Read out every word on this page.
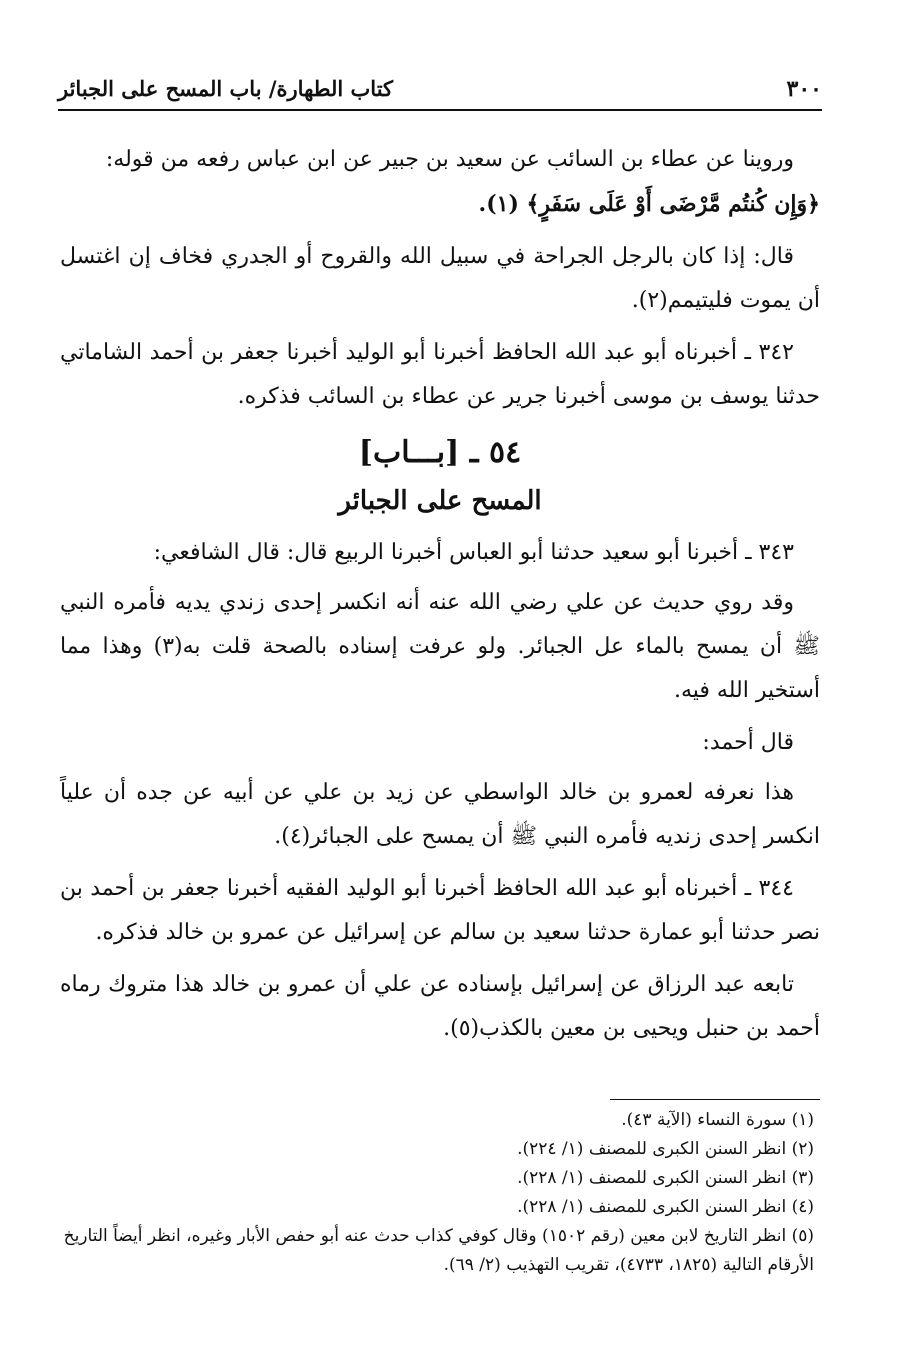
٣٠٠
كتاب الطهارة/ باب المسح على الجبائر

وروينا عن عطاء بن السائب عن سعيد بن جبير عن ابن عباس رفعه من قوله:
﴿وَإِن كُنتُم مَّرْضَى أَوْ عَلَى سَفَرٍ﴾ (١).

قال: إذا كان بالرجل الجراحة في سبيل الله والقروح أو الجدري فخاف إن اغتسل أن يموت فليتيمم(٢).

٣٤٢ ـ أخبرناه أبو عبد الله الحافظ أخبرنا أبو الوليد أخبرنا جعفر بن أحمد الشاماتي حدثنا يوسف بن موسى أخبرنا جرير عن عطاء بن السائب فذكره.

٥٤ ـ [بـــاب]
المسح على الجبائر

٣٤٣ ـ أخبرنا أبو سعيد حدثنا أبو العباس أخبرنا الربيع قال: قال الشافعي:

وقد روي حديث عن علي رضي الله عنه أنه انكسر إحدى زندي يديه فأمره النبي ﷺ أن يمسح بالماء عل الجبائر. ولو عرفت إسناده بالصحة قلت به(٣) وهذا مما أستخير الله فيه.

قال أحمد:

هذا نعرفه لعمرو بن خالد الواسطي عن زيد بن علي عن أبيه عن جده أن علياً انكسر إحدى زنديه فأمره النبي ﷺ أن يمسح على الجبائر(٤).

٣٤٤ ـ أخبرناه أبو عبد الله الحافظ أخبرنا أبو الوليد الفقيه أخبرنا جعفر بن أحمد بن نصر حدثنا أبو عمارة حدثنا سعيد بن سالم عن إسرائيل عن عمرو بن خالد فذكره.

تابعه عبد الرزاق عن إسرائيل بإسناده عن علي أن عمرو بن خالد هذا متروك رماه أحمد بن حنبل ويحيى بن معين بالكذب(٥).

(١) سورة النساء (الآية ٤٣).

(٢) انظر السنن الكبرى للمصنف (١/ ٢٢٤).

(٣) انظر السنن الكبرى للمصنف (١/ ٢٢٨).

(٤) انظر السنن الكبرى للمصنف (١/ ٢٢٨).

(٥) انظر التاريخ لابن معين (رقم ١٥٠٢) وقال كوفي كذاب حدث عنه أبو حفص الأبار وغيره، انظر أيضاً التاريخ الأرقام التالية (١٨٢٥، ٤٧٣٣)، تقريب التهذيب (٢/ ٦٩).
